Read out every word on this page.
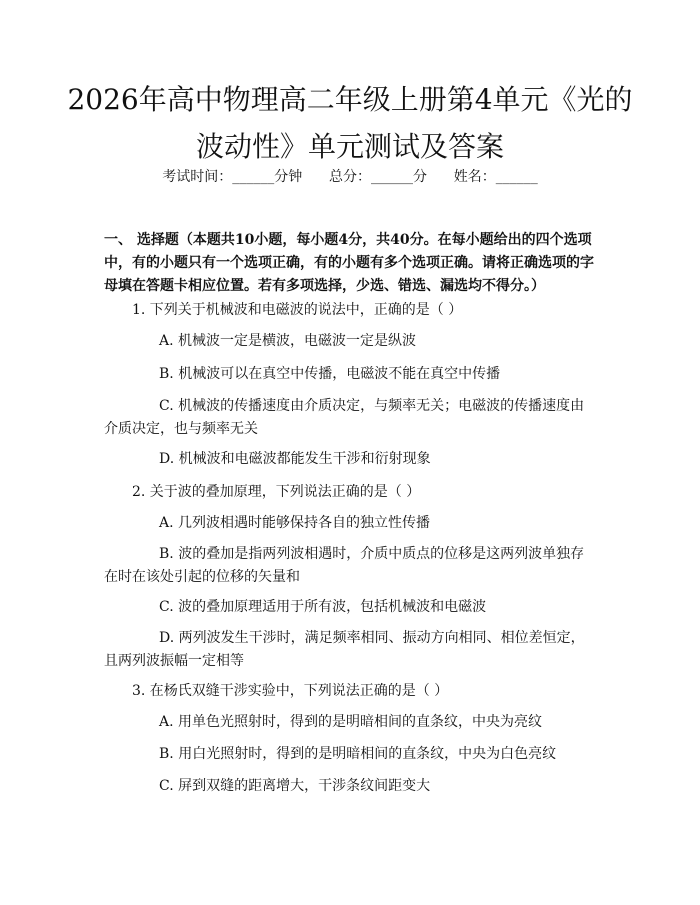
2026年高中物理高二年级上册第4单元《光的波动性》单元测试及答案
考试时间：______分钟      总分：______分      姓名：______

一、 选择题（本题共10小题，每小题4分，共40分。在每小题给出的四个选项中，有的小题只有一个选项正确，有的小题有多个选项正确。请将正确选项的字母填在答题卡相应位置。若有多项选择，少选、错选、漏选均不得分。）

1. 下列关于机械波和电磁波的说法中，正确的是（ ）

A. 机械波一定是横波，电磁波一定是纵波

B. 机械波可以在真空中传播，电磁波不能在真空中传播

C. 机械波的传播速度由介质决定，与频率无关；电磁波的传播速度由介质决定，也与频率无关

D. 机械波和电磁波都能发生干涉和衍射现象

2. 关于波的叠加原理，下列说法正确的是（ ）

A. 几列波相遇时能够保持各自的独立性传播

B. 波的叠加是指两列波相遇时，介质中质点的位移是这两列波单独存在时在该处引起的位移的矢量和

C. 波的叠加原理适用于所有波，包括机械波和电磁波

D. 两列波发生干涉时，满足频率相同、振动方向相同、相位差恒定，且两列波振幅一定相等

3. 在杨氏双缝干涉实验中，下列说法正确的是（ ）

A. 用单色光照射时，得到的是明暗相间的直条纹，中央为亮纹

B. 用白光照射时，得到的是明暗相间的直条纹，中央为白色亮纹

C. 屏到双缝的距离增大，干涉条纹间距变大
